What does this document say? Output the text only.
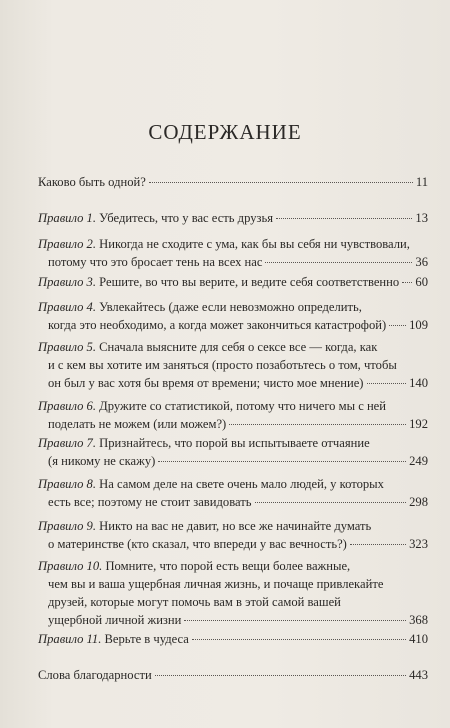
СОДЕРЖАНИЕ
Каково быть одной?	11
Правило 1. Убедитесь, что у вас есть друзья	13
Правило 2. Никогда не сходите с ума, как бы вы себя ни чувствовали,
потому что это бросает тень на всех нас	36
Правило 3. Решите, во что вы верите, и ведите себя соответственно 60
Правило 4. Увлекайтесь (даже если невозможно определить,
когда это необходимо, а когда может закончиться катастрофой) 109
Правило 5. Сначала выясните для себя о сексе все — когда, как
и с кем вы хотите им заняться (просто позаботьтесь о том, чтобы
он был у вас хотя бы время от времени; чисто мое мнение)	140
Правило 6. Дружите со статистикой, потому что ничего мы с ней
поделать не можем (или можем?)	192
Правило 7. Признайтесь, что порой вы испытываете отчаяние
(я никому не скажу)	249
Правило 8. На самом деле на свете очень мало людей, у которых
есть все; поэтому не стоит завидовать	298
Правило 9. Никто на вас не давит, но все же начинайте думать
о материнстве (кто сказал, что впереди у вас вечность?)	323
Правило 10. Помните, что порой есть вещи более важные,
чем вы и ваша ущербная личная жизнь, и почаще привлекайте
друзей, которые могут помочь вам в этой самой вашей
ущербной личной жизни	368
Правило 11. Верьте в чудеса	410
Слова благодарности	443
